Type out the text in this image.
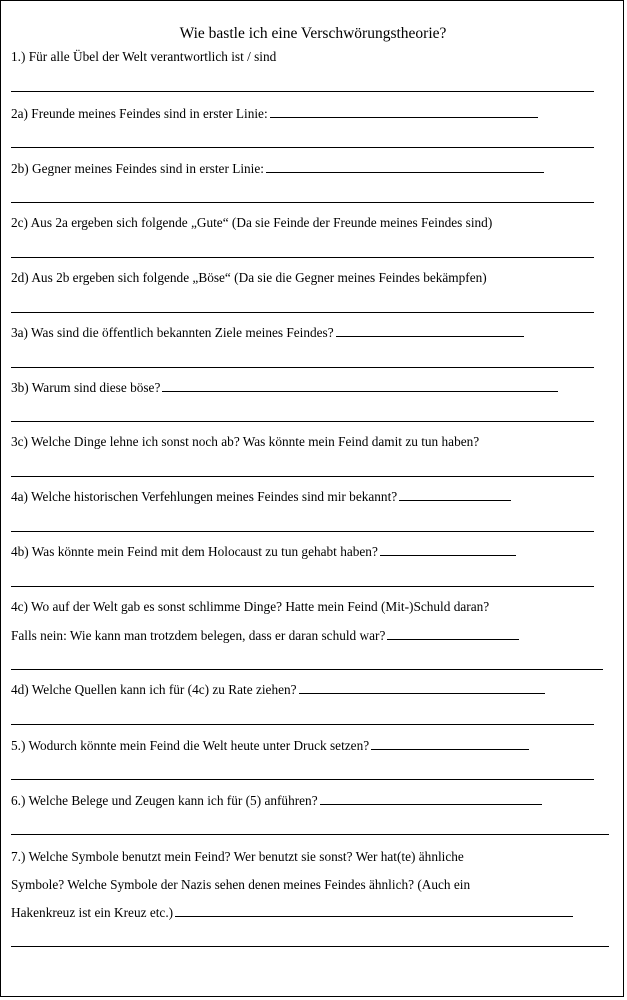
Wie bastle ich eine Verschwörungstheorie?
1.) Für alle Übel der Welt verantwortlich ist / sind
2a) Freunde meines Feindes sind in erster Linie:
2b) Gegner meines Feindes sind in erster Linie:
2c) Aus 2a ergeben sich folgende „Gute“ (Da sie Feinde der Freunde meines Feindes sind)
2d) Aus 2b ergeben sich folgende „Böse“ (Da sie die Gegner meines Feindes bekämpfen)
3a) Was sind die öffentlich bekannten Ziele meines Feindes?
3b) Warum sind diese böse?
3c) Welche Dinge lehne ich sonst noch ab? Was könnte mein Feind damit zu tun haben?
4a) Welche historischen Verfehlungen meines Feindes sind mir bekannt?
4b) Was könnte mein Feind mit dem Holocaust zu tun gehabt haben?
4c) Wo auf der Welt gab es sonst schlimme Dinge? Hatte mein Feind (Mit-)Schuld daran?
Falls nein: Wie kann man trotzdem belegen, dass er daran schuld war?
4d) Welche Quellen kann ich für (4c) zu Rate ziehen?
5.) Wodurch könnte mein Feind die Welt heute unter Druck setzen?
6.) Welche Belege und Zeugen kann ich für (5) anführen?
7.) Welche Symbole benutzt mein Feind? Wer benutzt sie sonst? Wer hat(te) ähnliche
Symbole? Welche Symbole der Nazis sehen denen meines Feindes ähnlich? (Auch ein
Hakenkreuz ist ein Kreuz etc.)
